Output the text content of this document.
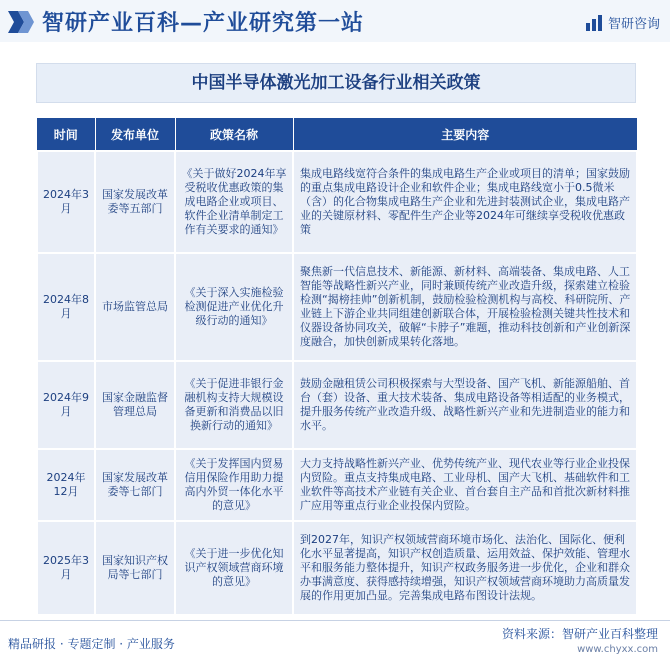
智研产业百科—产业研究第一站	智研咨询
中国半导体激光加工设备行业相关政策
时间	发布单位	政策名称	主要内容
2024年3月	国家发展改革委等五部门	《关于做好2024年享受税收优惠政策的集成电路企业或项目、软件企业清单制定工作有关要求的通知》	集成电路线宽符合条件的集成电路生产企业或项目的清单；国家鼓励的重点集成电路设计企业和软件企业；集成电路线宽小于0.5微米（含）的化合物集成电路生产企业和先进封装测试企业，集成电路产业的关键原材料、零配件生产企业等2024年可继续享受税收优惠政策
2024年8月	市场监管总局	《关于深入实施检验检测促进产业优化升级行动的通知》	聚焦新一代信息技术、新能源、新材料、高端装备、集成电路、人工智能等战略性新兴产业，同时兼顾传统产业改造升级，探索建立检验检测“揭榜挂帅”创新机制，鼓励检验检测机构与高校、科研院所、产业链上下游企业共同组建创新联合体，开展检验检测关键共性技术和仪器设备协同攻关，破解“卡脖子”难题，推动科技创新和产业创新深度融合，加快创新成果转化落地。
2024年9月	国家金融监督管理总局	《关于促进非银行金融机构支持大规模设备更新和消费品以旧换新行动的通知》	鼓励金融租赁公司积极探索与大型设备、国产飞机、新能源船舶、首台（套）设备、重大技术装备、集成电路设备等相适配的业务模式，提升服务传统产业改造升级、战略性新兴产业和先进制造业的能力和水平。
2024年12月	国家发展改革委等七部门	《关于发挥国内贸易信用保险作用助力提高内外贸一体化水平的意见》	大力支持战略性新兴产业、优势传统产业、现代农业等行业企业投保内贸险。重点支持集成电路、工业母机、国产大飞机、基础软件和工业软件等高技术产业链有关企业、首台套自主产品和首批次新材料推广应用等重点行业企业投保内贸险。
2025年3月	国家知识产权局等七部门	《关于进一步优化知识产权领域营商环境的意见》	到2027年，知识产权领域营商环境市场化、法治化、国际化、便利化水平显著提高，知识产权创造质量、运用效益、保护效能、管理水平和服务能力整体提升，知识产权政务服务进一步优化，企业和群众办事满意度、获得感持续增强，知识产权领域营商环境助力高质量发展的作用更加凸显。完善集成电路布图设计法规。
精品研报 · 专题定制 · 产业服务
资料来源：智研产业百科整理
www.chyxx.com
